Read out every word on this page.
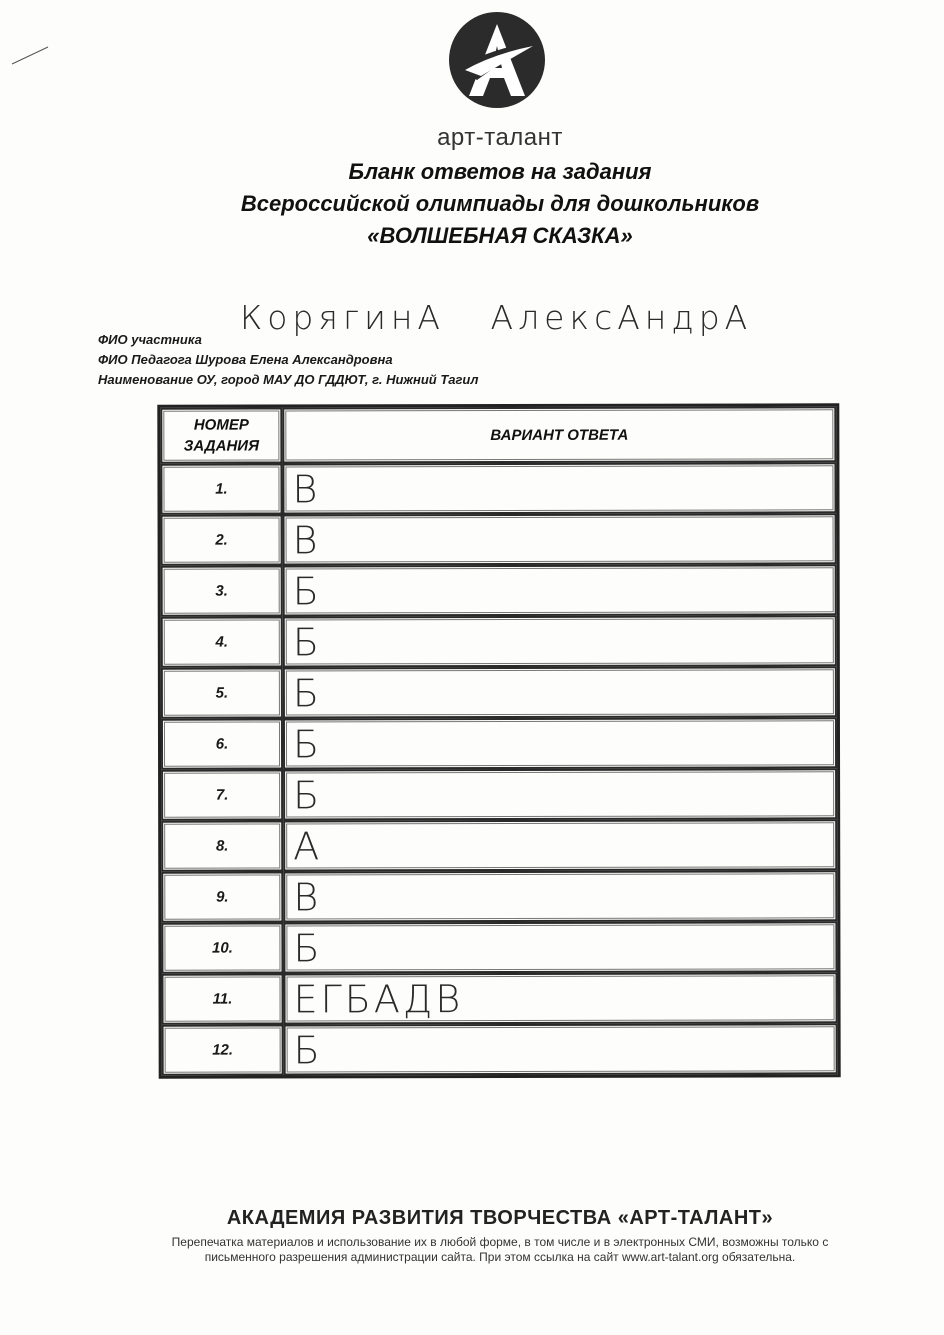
арт-талант
Бланк ответов на задания
Всероссийской олимпиады для дошкольников
«ВОЛШЕБНАЯ СКАЗКА»
КорягинА АлексАндрА
ФИО участника
ФИО Педагога Шурова Елена Александровна
Наименование ОУ, город МАУ ДО ГДДЮТ, г. Нижний Тагил
НОМЕР ЗАДАНИЯ	ВАРИАНТ ОТВЕТА
1.	В

2.	В

3.	Б

4.	Б

5.	Б

6.	Б

7.	Б

8.	А

9.	В

10.	Б

11.	ЕГБАДВ

12.	Б
АКАДЕМИЯ РАЗВИТИЯ ТВОРЧЕСТВА «АРТ-ТАЛАНТ»
Перепечатка материалов и использование их в любой форме, в том числе и в электронных СМИ, возможны только с
письменного разрешения администрации сайта. При этом ссылка на сайт www.art-talant.org обязательна.
